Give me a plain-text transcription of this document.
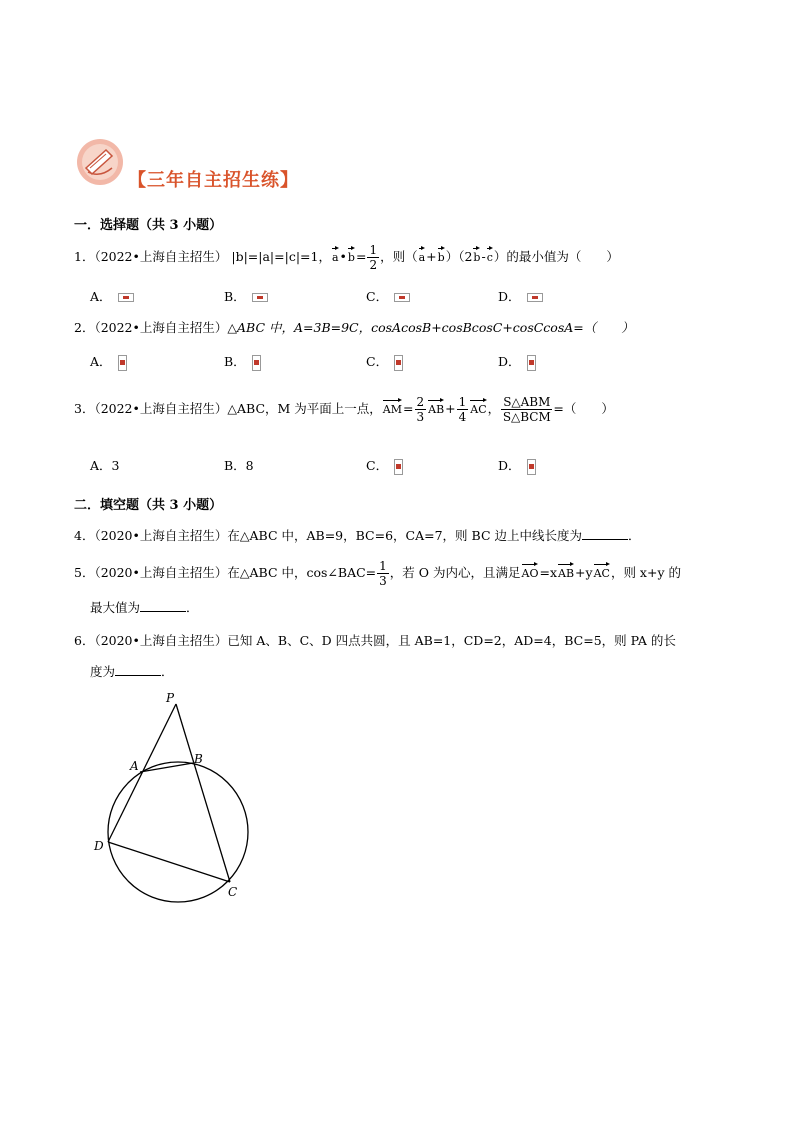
【三年自主招生练】
一．选择题（共 3 小题）
1．（2022•上海自主招生） |b|=|a|=|c|=1，a•b= $\frac{1}{2}$ ，则（a+b）（2b-c）的最小值为（　　）
A．	B．	C．	D．
2．（2022•上海自主招生）△ABC 中，A=3B=9C，cosAcosB+cosBcosC+cosCcosA=（　　）
A．	B．	C．	D．
3．（2022•上海自主招生）△ABC，M 为平面上一点，$AM= \frac{2}{3} AB+ \frac{1}{4}$ AC， $\frac{\text{S△ABM}}{\text{S△BCM}}$ =（　　）
A．3	B．8	C．	D．
二．填空题（共 3 小题）
4．（2020•上海自主招生）在△ABC 中，AB=9，BC=6，CA=7，则 BC 边上中线长度为	．
5．（2020•上海自主招生）在△ABC 中，cos∠BAC= $\frac{1}{3}$ ，若 O 为内心，且满足AO=xAB+yAC，则 x+y 的
最大值为	．
6．（2020•上海自主招生）已知 A、B、C、D 四点共圆，且 AB=1，CD=2，AD=4，BC=5，则 PA 的长
度为	．
P
A	B
D
C
